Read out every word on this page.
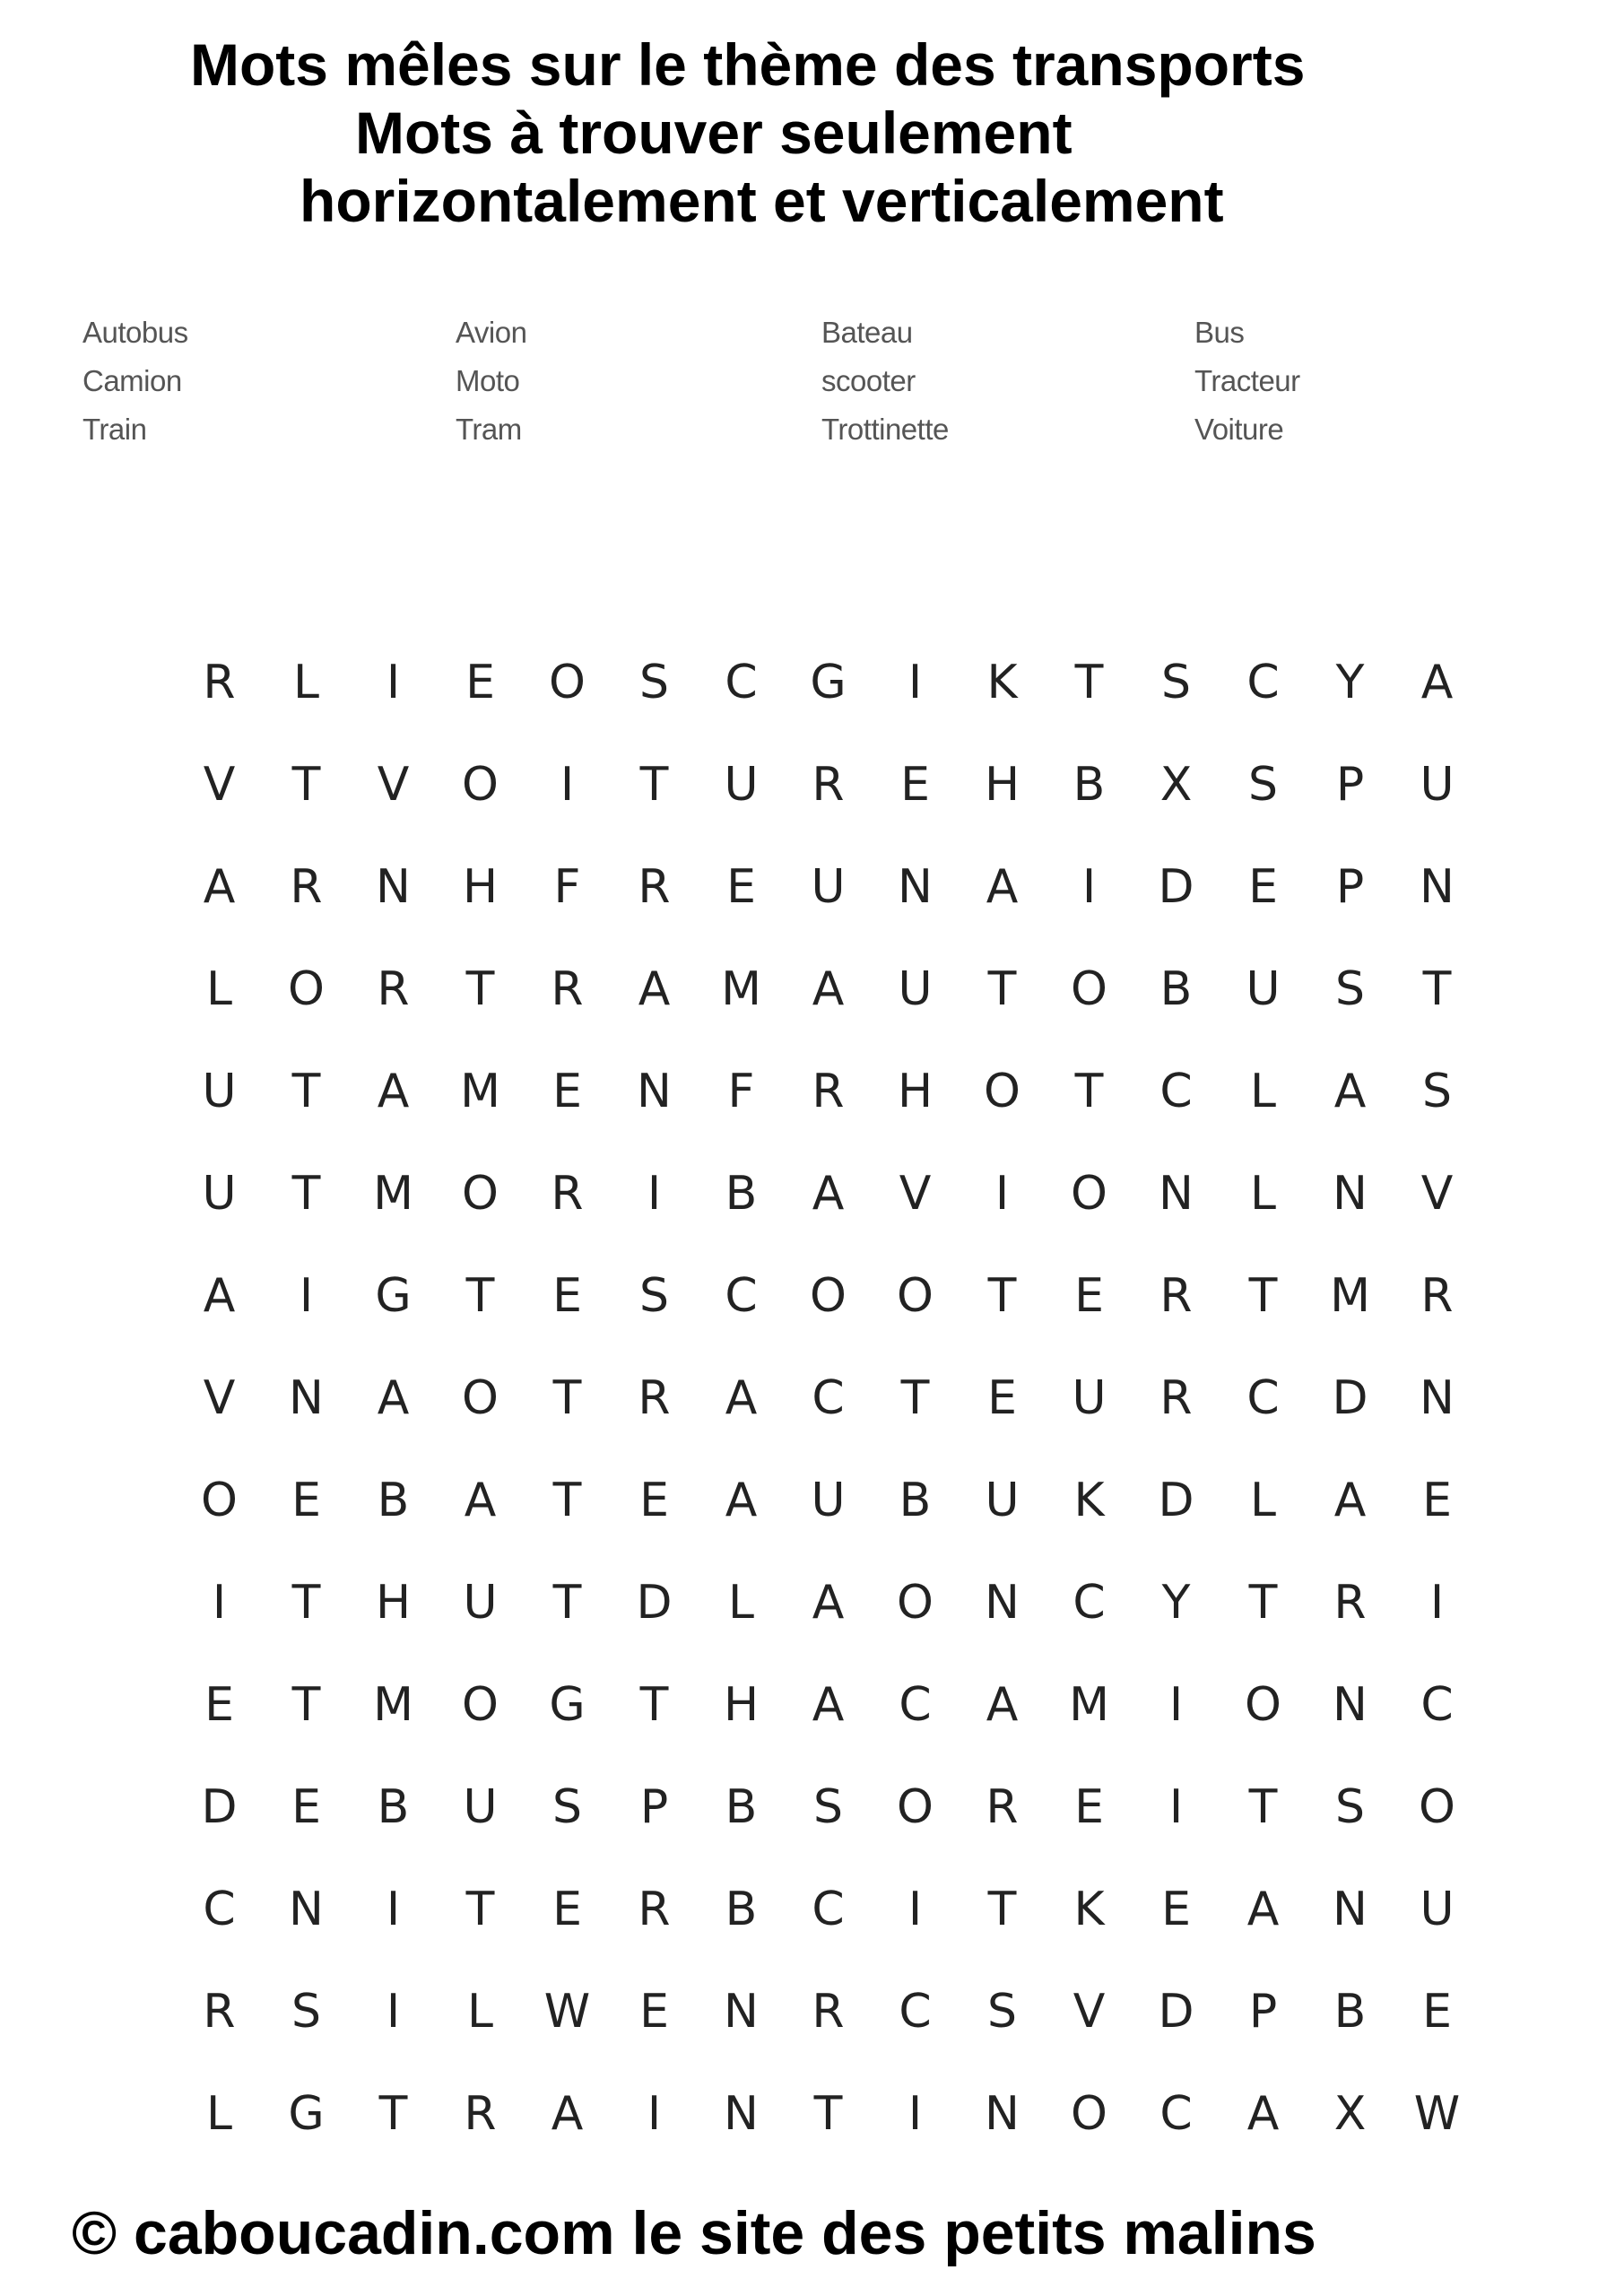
Mots mêles sur le thème des transports
Mots à trouver seulement
horizontalement et verticalement
Autobus	Avion	Bateau	Bus
Camion	Moto	scooter	Tracteur
Train	Tram	Trottinette	Voiture
R	L	I	E	O	S	C	G	I	K	T	S	C	Y	A
V	T	V	O	I	T	U	R	E	H	B	X	S	P	U
A	R	N	H	F	R	E	U	N	A	I	D	E	P	N
L	O	R	T	R	A	M	A	U	T	O	B	U	S	T
U	T	A	M	E	N	F	R	H	O	T	C	L	A	S
U	T	M	O	R	I	B	A	V	I	O	N	L	N	V
A	I	G	T	E	S	C	O	O	T	E	R	T	M	R
V	N	A	O	T	R	A	C	T	E	U	R	C	D	N
O	E	B	A	T	E	A	U	B	U	K	D	L	A	E
I	T	H	U	T	D	L	A	O	N	C	Y	T	R	I
E	T	M	O	G	T	H	A	C	A	M	I	O	N	C
D	E	B	U	S	P	B	S	O	R	E	I	T	S	O
C	N	I	T	E	R	B	C	I	T	K	E	A	N	U
R	S	I	L	W	E	N	R	C	S	V	D	P	B	E
L	G	T	R	A	I	N	T	I	N	O	C	A	X	W

© caboucadin.com le site des petits malins
